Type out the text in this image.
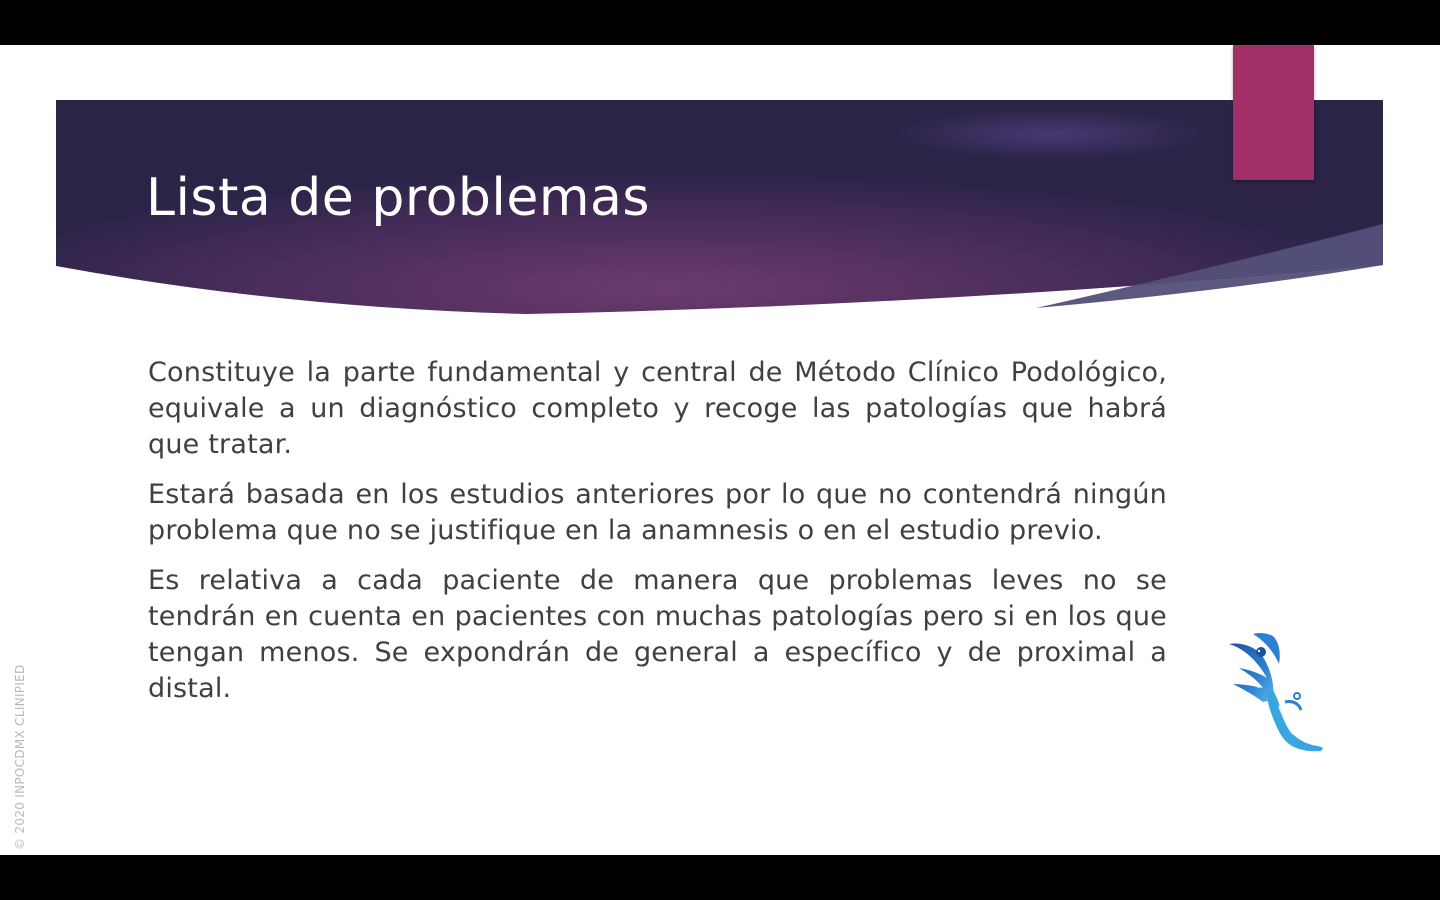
Lista de problemas

Constituye la parte fundamental y central de Método Clínico Podológico, equivale a un diagnóstico completo y recoge las patologías que habrá que tratar.

Estará basada en los estudios anteriores por lo que no contendrá ningún problema que no se justifique en la anamnesis o en el estudio previo.

Es relativa a cada paciente de manera que problemas leves no se tendrán en cuenta en pacientes con muchas patologías pero si en los que tengan menos. Se expondrán de general a específico y de proximal a distal.

© 2020 INPOCDMX CLINIPIED
